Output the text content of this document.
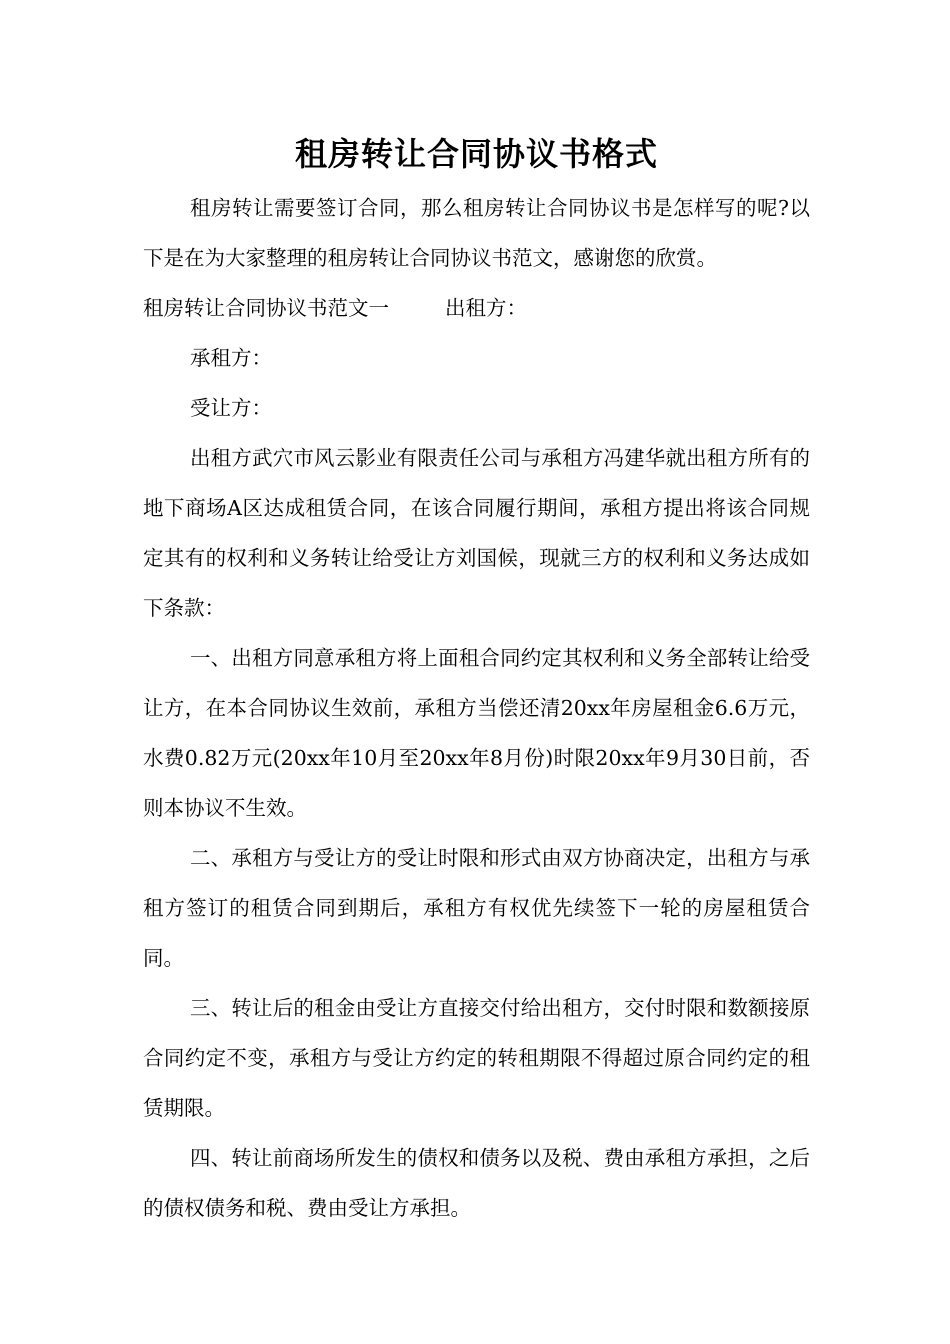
租房转让合同协议书格式

租房转让需要签订合同，那么租房转让合同协议书是怎样写的呢?以下是在为大家整理的租房转让合同协议书范文，感谢您的欣赏。

租房转让合同协议书范文一	出租方：

承租方：

受让方：

出租方武穴市风云影业有限责任公司与承租方冯建华就出租方所有的地下商场A区达成租赁合同，在该合同履行期间，承租方提出将该合同规定其有的权利和义务转让给受让方刘国候，现就三方的权利和义务达成如下条款：

一、出租方同意承租方将上面租合同约定其权利和义务全部转让给受让方，在本合同协议生效前，承租方当偿还清20xx年房屋租金6.6万元，水费0.82万元(20xx年10月至20xx年8月份)时限20xx年9月30日前，否则本协议不生效。

二、承租方与受让方的受让时限和形式由双方协商决定，出租方与承租方签订的租赁合同到期后，承租方有权优先续签下一轮的房屋租赁合同。

三、转让后的租金由受让方直接交付给出租方，交付时限和数额接原合同约定不变，承租方与受让方约定的转租期限不得超过原合同约定的租赁期限。

四、转让前商场所发生的债权和债务以及税、费由承租方承担，之后的债权债务和税、费由受让方承担。
